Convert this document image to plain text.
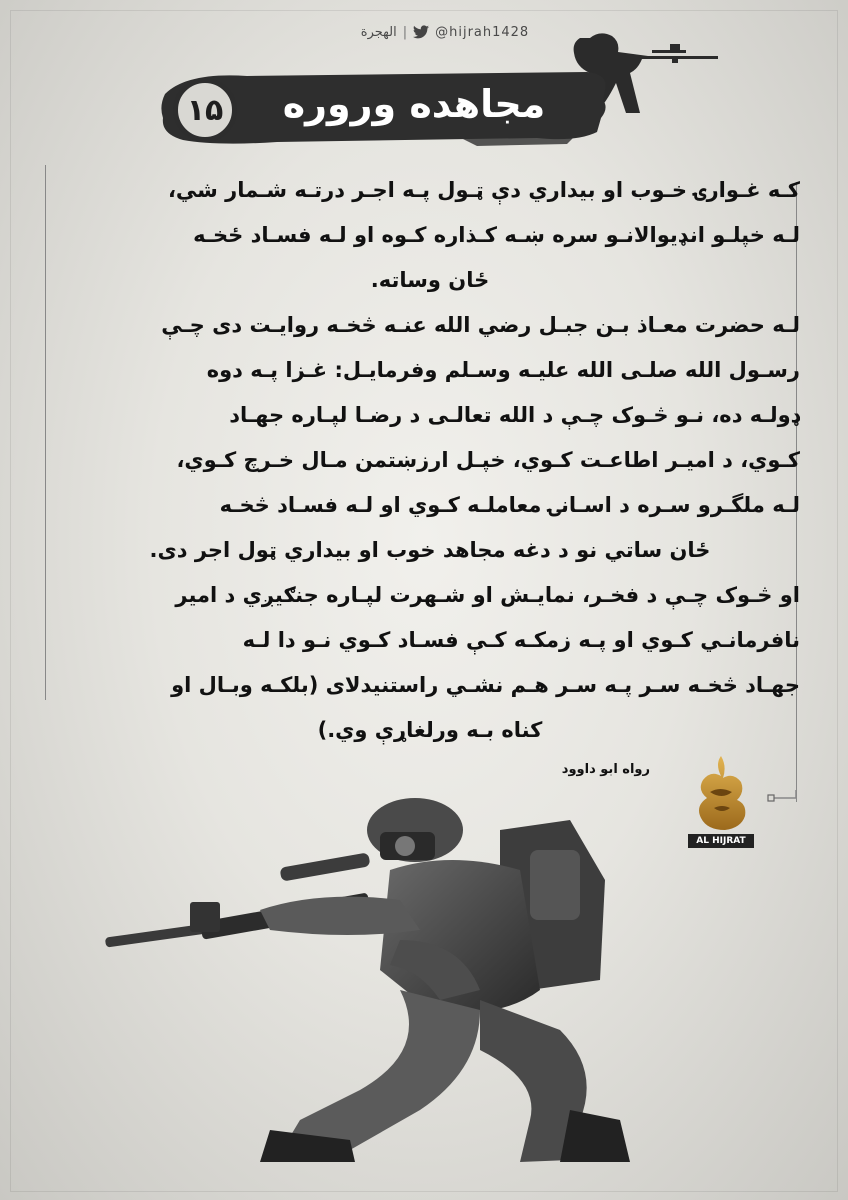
الهجرة | @hijrah1428
۱۵	مجاهده وروره

كـه غـوارۍ خـوب او بيداري دې ټـول پـه اجـر درتـه شـمار شي،

لـه خپلـو انډيوالانـو سره ښـه كـذاره كـوه او لـه فسـاد ځخـه

ځان وساته.

لـه حضرت معـاذ بـن جبـل رضي الله عنـه څخـه روايـت دى چـې

رسـول الله صلـى الله عليـه وسـلم وفرمايـل: غـزا پـه دوه

ډولـه ده، نـو څـوک چـې د الله تعالـى د رضـا لپـاره جهـاد

كـوي، د اميـر اطاعـت كـوي، خپـل ارزښتمن مـال خـرچ كـوي،

لـه ملگـرو سـره د اسـانۍ معاملـه كـوي او لـه فسـاد څخـه

ځان ساتي نو د دغه مجاهد خوب او بيداري ټول اجر دى.

او څـوک چـې د فخـر، نمايـش او شـهرت لپـاره جنګيږي د امير

نافرمانـي كـوي او پـه زمكـه كـې فسـاد كـوي نـو دا لـه

جهـاد څخـه سـر پـه سـر هـم نشـي راستنيدلای (بلكـه وبـال او

كناه بـه ورلغاړې وي.)

رواه ابو داوود
AL HIJRAT
